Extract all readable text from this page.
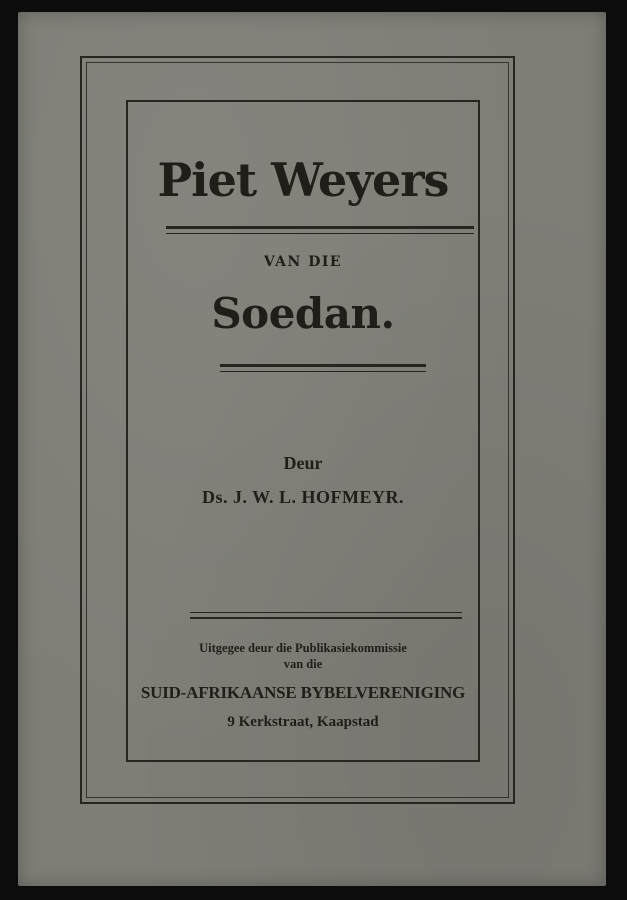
Piet Weyers
VAN DIE
Soedan.
Deur
Ds. J. W. L. HOFMEYR.
Uitgegee deur die Publikasiekommissie
van die
SUID-AFRIKAANSE BYBELVERENIGING
9 Kerkstraat, Kaapstad
